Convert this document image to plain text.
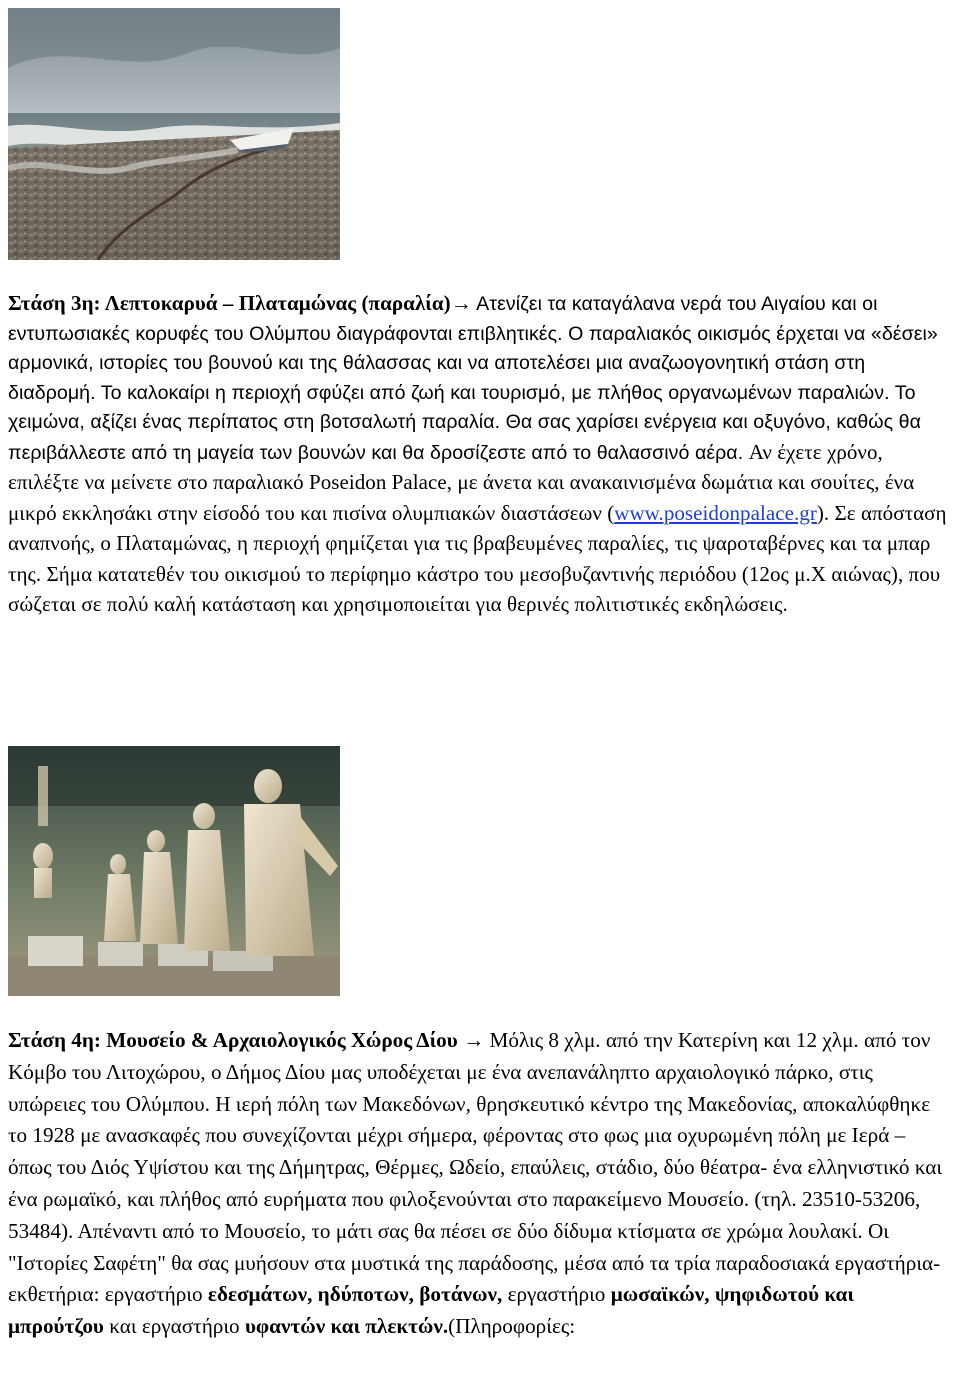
Στάση 3η: Λεπτοκαρυά – Πλαταμώνας (παραλία)→ Ατενίζει τα καταγάλανα νερά του Αιγαίου και οι εντυπωσιακές κορυφές του Ολύμπου διαγράφονται επιβλητικές. Ο παραλιακός οικισμός έρχεται να «δέσει» αρμονικά, ιστορίες του βουνού και της θάλασσας και να αποτελέσει μια αναζωογονητική στάση στη διαδρομή. Το καλοκαίρι η περιοχή σφύζει από ζωή και τουρισμό, με πλήθος οργανωμένων παραλιών. Το χειμώνα, αξίζει ένας περίπατος στη βοτσαλωτή παραλία. Θα σας χαρίσει ενέργεια και οξυγόνο, καθώς θα περιβάλλεστε από τη μαγεία των βουνών και θα δροσίζεστε από το θαλασσινό αέρα. Αν έχετε χρόνο, επιλέξτε να μείνετε στο παραλιακό Poseidon Palace, με άνετα και ανακαινισμένα δωμάτια και σουίτες, ένα μικρό εκκλησάκι στην είσοδό του και πισίνα ολυμπιακών διαστάσεων (www.poseidonpalace.gr). Σε απόσταση αναπνοής, ο Πλαταμώνας, η περιοχή φημίζεται για τις βραβευμένες παραλίες, τις ψαροταβέρνες και τα μπαρ της. Σήμα κατατεθέν του οικισμού το περίφημο κάστρο του μεσοβυζαντινής περιόδου (12ος μ.Χ αιώνας), που σώζεται σε πολύ καλή κατάσταση και χρησιμοποιείται για θερινές πολιτιστικές εκδηλώσεις.

Στάση 4η: Μουσείο & Αρχαιολογικός Χώρος Δίου → Μόλις 8 χλμ. από την Κατερίνη και 12 χλμ. από τον Κόμβο του Λιτοχώρου, ο Δήμος Δίου μας υποδέχεται με ένα ανεπανάληπτο αρχαιολογικό πάρκο, στις υπώρειες του Ολύμπου. Η ιερή πόλη των Μακεδόνων, θρησκευτικό κέντρο της Μακεδονίας, αποκαλύφθηκε το 1928 με ανασκαφές που συνεχίζονται μέχρι σήμερα, φέροντας στο φως μια οχυρωμένη πόλη με Ιερά – όπως του Διός Υψίστου και της Δήμητρας, Θέρμες, Ωδείο, επαύλεις, στάδιο, δύο θέατρα- ένα ελληνιστικό και ένα ρωμαϊκό, και πλήθος από ευρήματα που φιλοξενούνται στο παρακείμενο Μουσείο. (τηλ. 23510-53206, 53484). Απέναντι από το Μουσείο, το μάτι σας θα πέσει σε δύο δίδυμα κτίσματα σε χρώμα λουλακί. Οι "Ιστορίες Σαφέτη" θα σας μυήσουν στα μυστικά της παράδοσης, μέσα από τα τρία παραδοσιακά εργαστήρια-εκθετήρια: εργαστήριο εδεσμάτων, ηδύποτων, βοτάνων, εργαστήριο μωσαϊκών, ψηφιδωτού και μπρούτζου και εργαστήριο υφαντών και πλεκτών.(Πληροφορίες:
